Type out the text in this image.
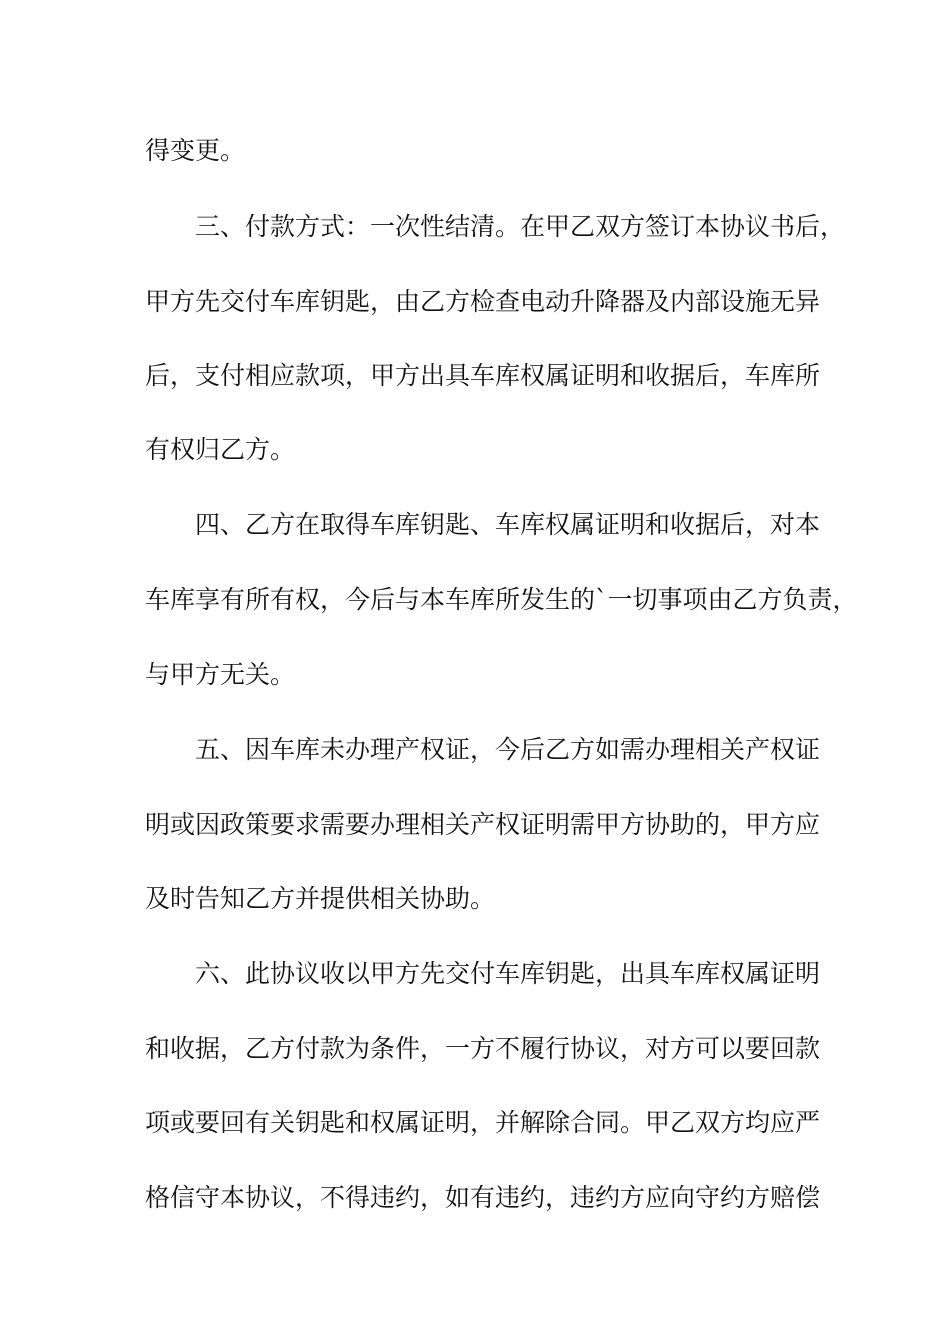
得变更。
三、付款方式：一次性结清。在甲乙双方签订本协议书后，
甲方先交付车库钥匙，由乙方检查电动升降器及内部设施无异
后，支付相应款项，甲方出具车库权属证明和收据后，车库所
有权归乙方。
四、乙方在取得车库钥匙、车库权属证明和收据后，对本
车库享有所有权，今后与本车库所发生的`一切事项由乙方负责，
与甲方无关。
五、因车库未办理产权证，今后乙方如需办理相关产权证
明或因政策要求需要办理相关产权证明需甲方协助的，甲方应
及时告知乙方并提供相关协助。
六、此协议收以甲方先交付车库钥匙，出具车库权属证明
和收据，乙方付款为条件，一方不履行协议，对方可以要回款
项或要回有关钥匙和权属证明，并解除合同。甲乙双方均应严
格信守本协议，不得违约，如有违约，违约方应向守约方赔偿
